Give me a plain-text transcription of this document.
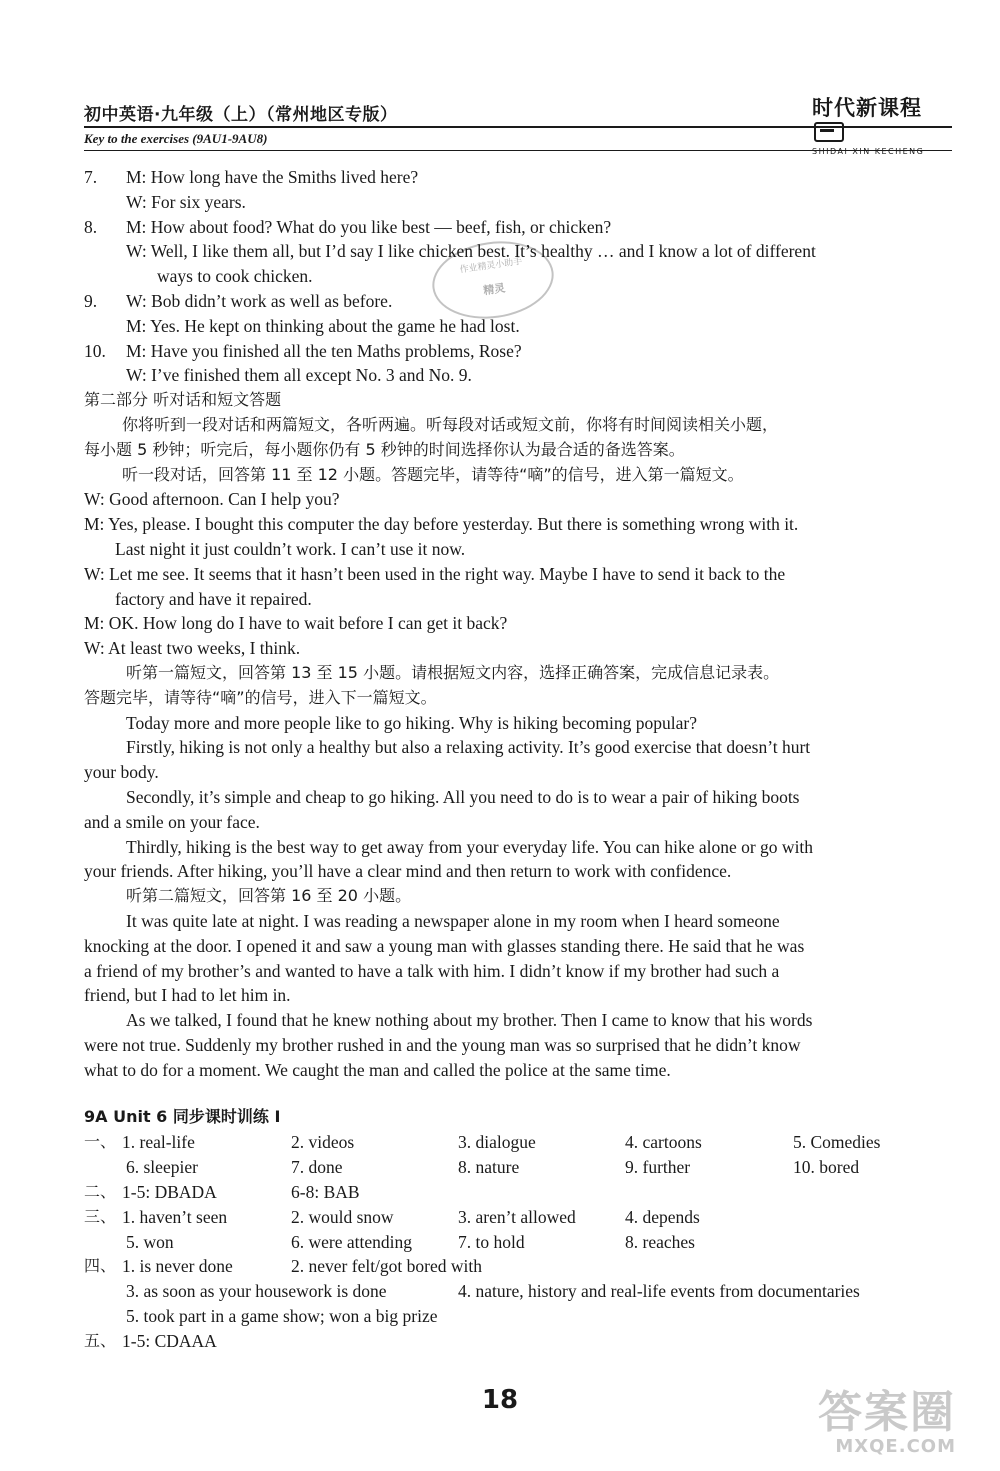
初中英语·九年级（上）（常州地区专版）	时代新课程
SHIDAI XIN KECHENG
Key to the exercises (9AU1-9AU8)
作业精灵小助手
精灵
7. M: How long have the Smiths lived here?
W: For six years.
8. M: How about food? What do you like best — beef, fish, or chicken?
W: Well, I like them all, but I’d say I like chicken best. It’s healthy … and I know a lot of different
ways to cook chicken.
9. W: Bob didn’t work as well as before.
M: Yes. He kept on thinking about the game he had lost.
10. M: Have you finished all the ten Maths problems, Rose?
W: I’ve finished them all except No. 3 and No. 9.
第二部分 听对话和短文答题
你将听到一段对话和两篇短文，各听两遍。听每段对话或短文前，你将有时间阅读相关小题，
每小题 5 秒钟；听完后，每小题你仍有 5 秒钟的时间选择你认为最合适的备选答案。
听一段对话，回答第 11 至 12 小题。答题完毕，请等待“嘀”的信号，进入第一篇短文。
W: Good afternoon. Can I help you?
M: Yes, please. I bought this computer the day before yesterday. But there is something wrong with it.
Last night it just couldn’t work. I can’t use it now.
W: Let me see. It seems that it hasn’t been used in the right way. Maybe I have to send it back to the
factory and have it repaired.
M: OK. How long do I have to wait before I can get it back?
W: At least two weeks, I think.
听第一篇短文，回答第 13 至 15 小题。请根据短文内容，选择正确答案，完成信息记录表。
答题完毕，请等待“嘀”的信号，进入下一篇短文。
Today more and more people like to go hiking. Why is hiking becoming popular?
Firstly, hiking is not only a healthy but also a relaxing activity. It’s good exercise that doesn’t hurt
your body.
Secondly, it’s simple and cheap to go hiking. All you need to do is to wear a pair of hiking boots
and a smile on your face.
Thirdly, hiking is the best way to get away from your everyday life. You can hike alone or go with
your friends. After hiking, you’ll have a clear mind and then return to work with confidence.
听第二篇短文，回答第 16 至 20 小题。
It was quite late at night. I was reading a newspaper alone in my room when I heard someone
knocking at the door. I opened it and saw a young man with glasses standing there. He said that he was
a friend of my brother’s and wanted to have a talk with him. I didn’t know if my brother had such a
friend, but I had to let him in.
As we talked, I found that he knew nothing about my brother. Then I came to know that his words
were not true. Suddenly my brother rushed in and the young man was so surprised that he didn’t know
what to do for a moment. We caught the man and called the police at the same time.
9A Unit 6 同步课时训练 I
一、 1. real-life	2. videos	3. dialogue	4. cartoons	5. Comedies
6. sleepier	7. done	8. nature	9. further	10. bored
二、 1-5: DBADA	6-8: BAB
三、 1. haven’t seen	2. would snow	3. aren’t allowed	4. depends
5. won	6. were attending	7. to hold	8. reaches
四、 1. is never done	2. never felt/got bored with
3. as soon as your housework is done	4. nature, history and real-life events from documentaries
5. took part in a game show; won a big prize
五、 1-5: CDAAA
18	答案圈
MXQE.COM
